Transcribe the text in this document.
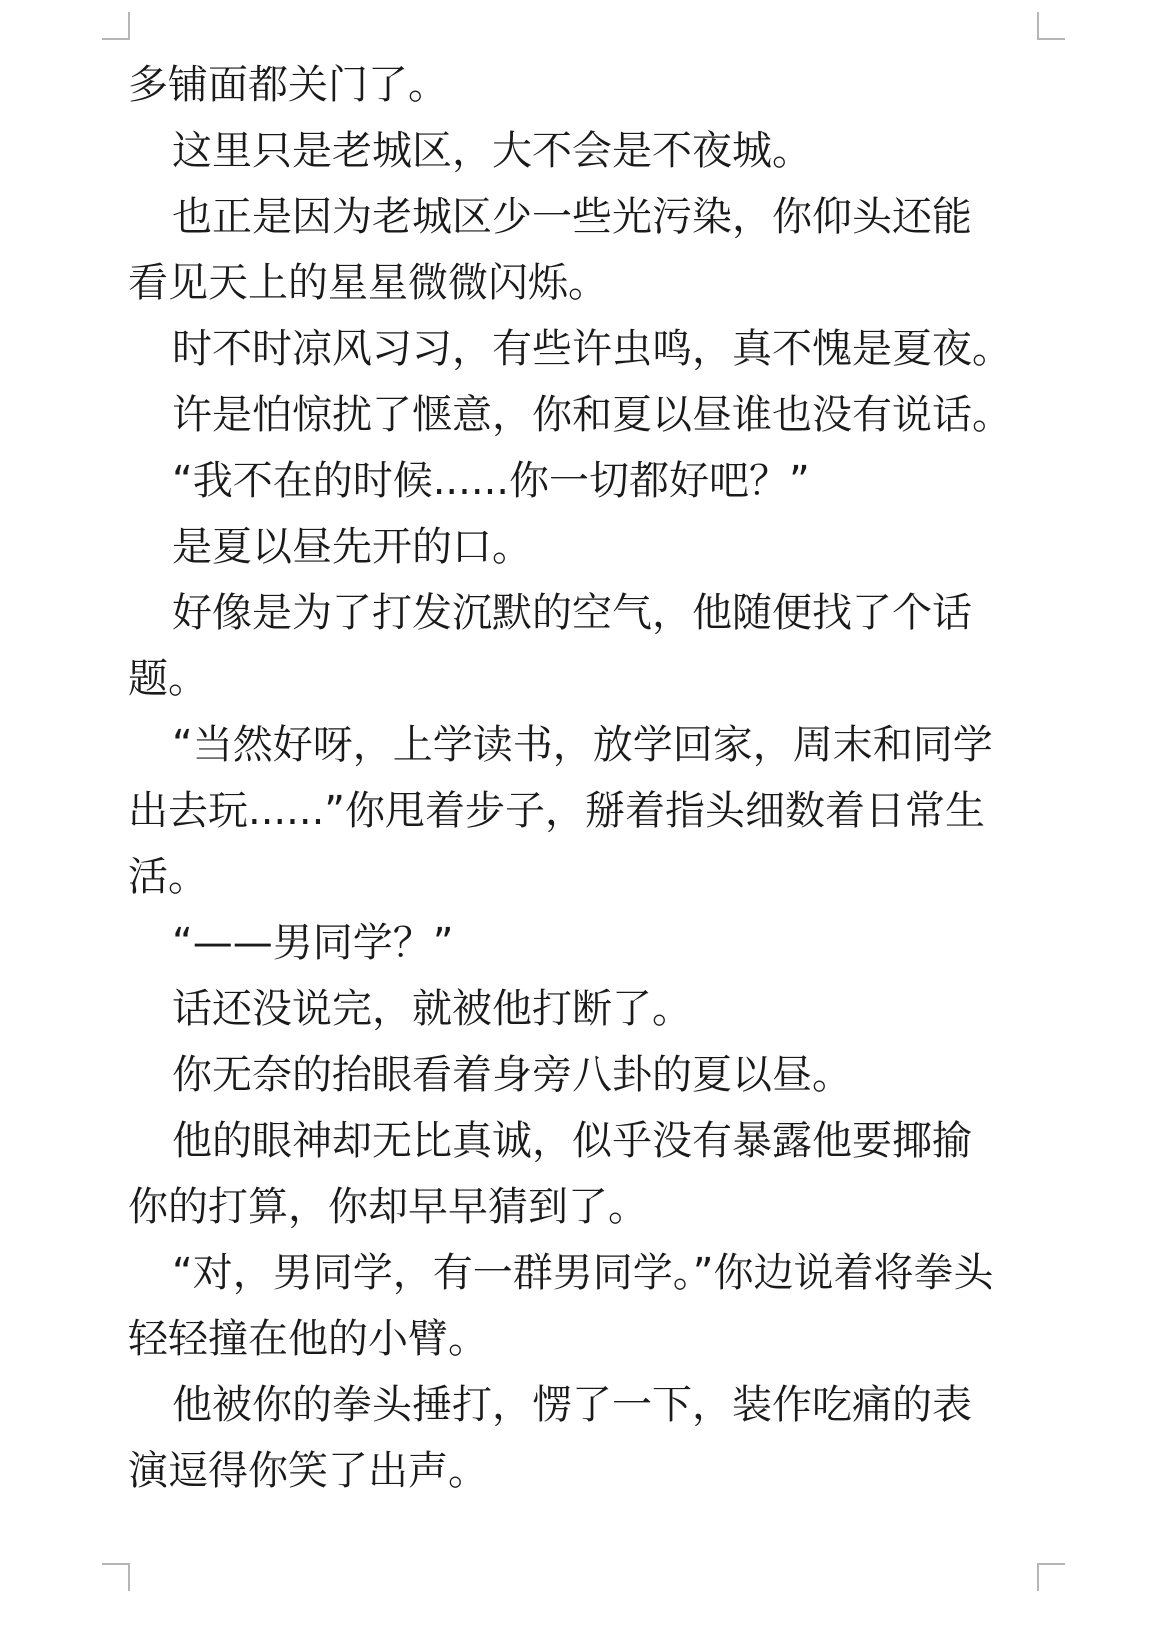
多铺面都关门了。
这里只是老城区，大不会是不夜城。
也正是因为老城区少一些光污染，你仰头还能
看见天上的星星微微闪烁。
时不时凉风习习，有些许虫鸣，真不愧是夏夜。
许是怕惊扰了惬意，你和夏以昼谁也没有说话。
“我不在的时候......你一切都好吧？”
是夏以昼先开的口。
好像是为了打发沉默的空气，他随便找了个话
题。
“当然好呀，上学读书，放学回家，周末和同学
出去玩......”你甩着步子，掰着指头细数着日常生
活。
“——男同学？”
话还没说完，就被他打断了。
你无奈的抬眼看着身旁八卦的夏以昼。
他的眼神却无比真诚，似乎没有暴露他要揶揄
你的打算，你却早早猜到了。
“对，男同学，有一群男同学。”你边说着将拳头
轻轻撞在他的小臂。
他被你的拳头捶打，愣了一下，装作吃痛的表
演逗得你笑了出声。
